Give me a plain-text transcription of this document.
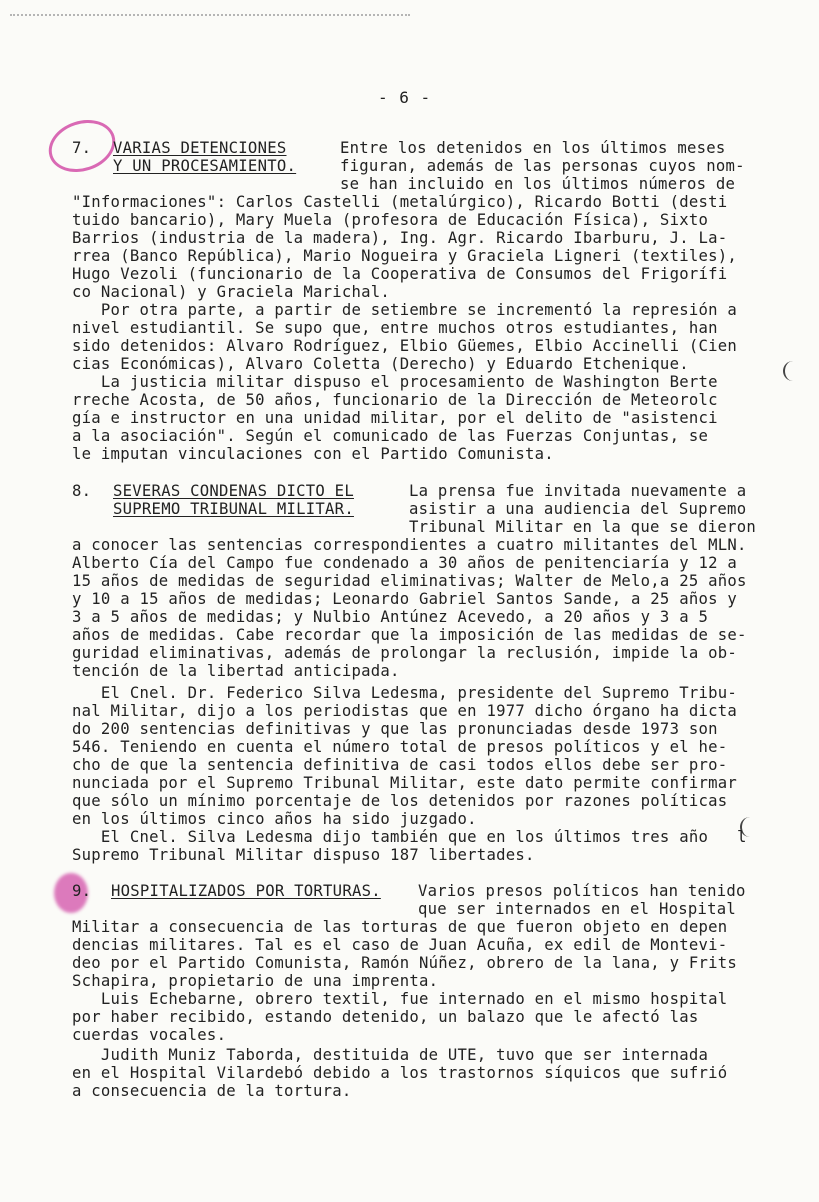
- 6 -
7. VARIAS DETENCIONES
Y UN PROCESAMIENTO.
Entre los detenidos en los últimos meses
figuran, además de las personas cuyos nom-
se han incluido en los últimos números de
"Informaciones": Carlos Castelli (metalúrgico), Ricardo Botti (desti
tuido bancario), Mary Muela (profesora de Educación Física), Sixto
Barrios (industria de la madera), Ing. Agr. Ricardo Ibarburu, J. La-
rrea (Banco República), Mario Nogueira y Graciela Ligneri (textiles),
Hugo Vezoli (funcionario de la Cooperativa de Consumos del Frigorífi
co Nacional) y Graciela Marichal.
Por otra parte, a partir de setiembre se incrementó la represión a
nivel estudiantil. Se supo que, entre muchos otros estudiantes, han
sido detenidos: Alvaro Rodríguez, Elbio Güemes, Elbio Accinelli (Cien
cias Económicas), Alvaro Coletta (Derecho) y Eduardo Etchenique.
La justicia militar dispuso el procesamiento de Washington Berte
rreche Acosta, de 50 años, funcionario de la Dirección de Meteorolc
gía e instructor en una unidad militar, por el delito de "asistenci
a la asociación". Según el comunicado de las Fuerzas Conjuntas, se
le imputan vinculaciones con el Partido Comunista.
8. SEVERAS CONDENAS DICTO EL
SUPREMO TRIBUNAL MILITAR.
La prensa fue invitada nuevamente a
asistir a una audiencia del Supremo
Tribunal Militar en la que se dieron
a conocer las sentencias correspondientes a cuatro militantes del MLN.
Alberto Cía del Campo fue condenado a 30 años de penitenciaría y 12 a
15 años de medidas de seguridad eliminativas; Walter de Melo,a 25 años
y 10 a 15 años de medidas; Leonardo Gabriel Santos Sande, a 25 años y
3 a 5 años de medidas; y Nulbio Antúnez Acevedo, a 20 años y 3 a 5
años de medidas. Cabe recordar que la imposición de las medidas de se-
guridad eliminativas, además de prolongar la reclusión, impide la ob-
tención de la libertad anticipada.
El Cnel. Dr. Federico Silva Ledesma, presidente del Supremo Tribu-
nal Militar, dijo a los periodistas que en 1977 dicho órgano ha dicta
do 200 sentencias definitivas y que las pronunciadas desde 1973 son
546. Teniendo en cuenta el número total de presos políticos y el he-
cho de que la sentencia definitiva de casi todos ellos debe ser pro-
nunciada por el Supremo Tribunal Militar, este dato permite confirmar
que sólo un mínimo porcentaje de los detenidos por razones políticas
en los últimos cinco años ha sido juzgado.
El Cnel. Silva Ledesma dijo también que en los últimos tres año   l
Supremo Tribunal Militar dispuso 187 libertades.
9. HOSPITALIZADOS POR TORTURAS. Varios presos políticos han tenido
que ser internados en el Hospital
Militar a consecuencia de las torturas de que fueron objeto en depen
dencias militares. Tal es el caso de Juan Acuña, ex edil de Montevi-
deo por el Partido Comunista, Ramón Núñez, obrero de la lana, y Frits
Schapira, propietario de una imprenta.
Luis Echebarne, obrero textil, fue internado en el mismo hospital
por haber recibido, estando detenido, un balazo que le afectó las
cuerdas vocales.
Judith Muniz Taborda, destituida de UTE, tuvo que ser internada
en el Hospital Vilardebó debido a los trastornos síquicos que sufrió
a consecuencia de la tortura.
